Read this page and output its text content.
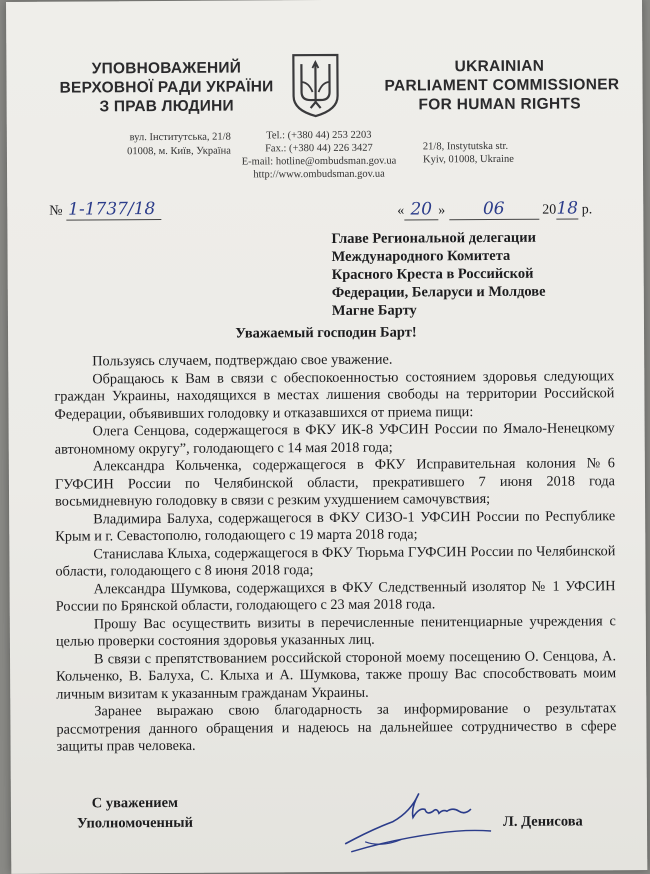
УПОВНОВАЖЕНИЙ
ВЕРХОВНОЇ РАДИ УКРАЇНИ
З ПРАВ ЛЮДИНИ
UKRAINIAN
PARLIAMENT COMMISSIONER
FOR HUMAN RIGHTS
вул. Інститутська, 21/8
01008, м. Київ, Україна
Tel.: (+380 44) 253 2203
Fax.: (+380 44) 226 3427
E-mail: hotline@ombudsman.gov.ua
http://www.ombudsman.gov.ua
21/8, Instytutska str.
Kyiv, 01008, Ukraine
№ 1-1737/18	« 20 » 06	2018 р.
Главе Региональной делегации
Международного Комитета
Красного Креста в Российской
Федерации, Беларуси и Молдове
Магне Барту
Уважаемый господин Барт!

Пользуясь случаем, подтверждаю свое уважение.

Обращаюсь к Вам в связи с обеспокоенностью состоянием здоровья следующих граждан Украины, находящихся в местах лишения свободы на территории Российской Федерации, объявивших голодовку и отказавшихся от приема пищи:

Олега Сенцова, содержащегося в ФКУ ИК-8 УФСИН России по Ямало-Ненецкому автономному округу”, голодающего с 14 мая 2018 года;

Александра Кольченка, содержащегося в ФКУ Исправительная колония №6 ГУФСИН России по Челябинской области, прекратившего 7 июня 2018 года восьмидневную голодовку в связи с резким ухудшением самочувствия;

Владимира Балуха, содержащегося в ФКУ СИЗО-1 УФСИН России по Республике Крым и г. Севастополю, голодающего с 19 марта 2018 года;

Станислава Клыха, содержащегося в ФКУ Тюрьма ГУФСИН России по Челябинской области, голодающего с 8 июня 2018 года;

Александра Шумкова, содержащихся в ФКУ Следственный изолятор № 1 УФСИН России по Брянской области, голодающего с 23 мая 2018 года.

Прошу Вас осуществить визиты в перечисленные пенитенциарные учреждения с целью проверки состояния здоровья указанных лиц.

В связи с препятствованием российской стороной моему посещению О. Сенцова, А. Кольченко, В. Балуха, С. Клыха и А. Шумкова, также прошу Вас способствовать моим личным визитам к указанным гражданам Украины.

Заранее выражаю свою благодарность за информирование о результатах рассмотрения данного обращения и надеюсь на дальнейшее сотрудничество в сфере защиты прав человека.

С уважением
Уполномоченный	Л. Денисова
